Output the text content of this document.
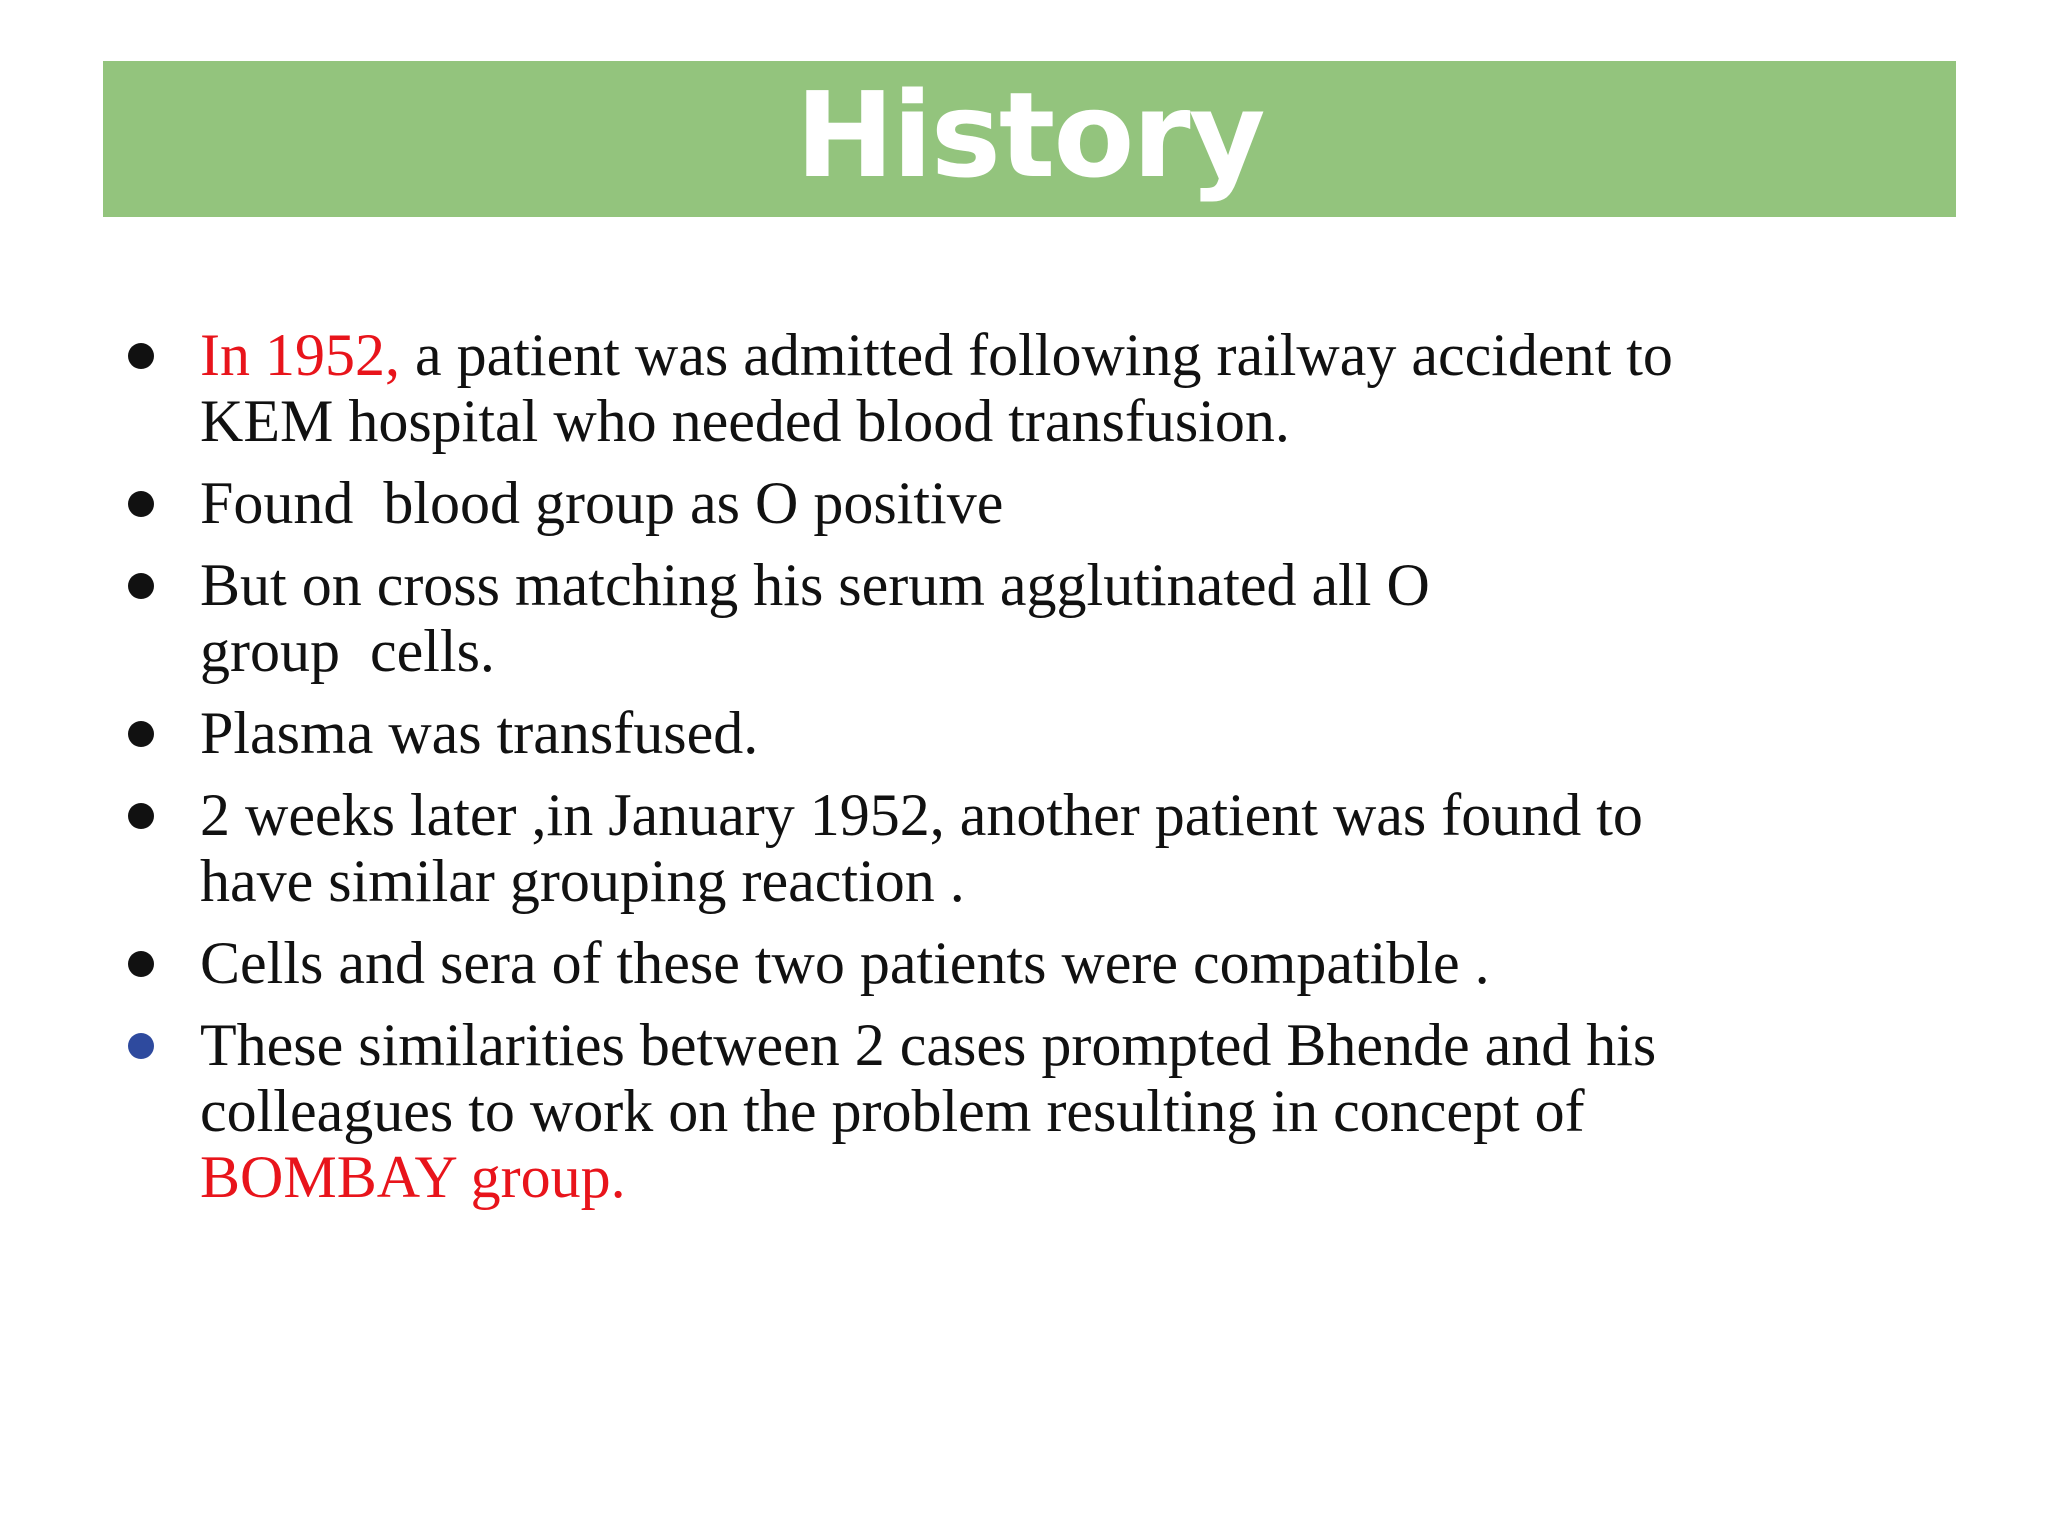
History
In 1952, a patient was admitted following railway accident to
KEM hospital who needed blood transfusion.
Found  blood group as O positive
But on cross matching his serum agglutinated all O
group  cells.
Plasma was transfused.
2 weeks later ,in January 1952, another patient was found to
have similar grouping reaction .
Cells and sera of these two patients were compatible .
These similarities between 2 cases prompted Bhende and his
colleagues to work on the problem resulting in concept of
BOMBAY group.
